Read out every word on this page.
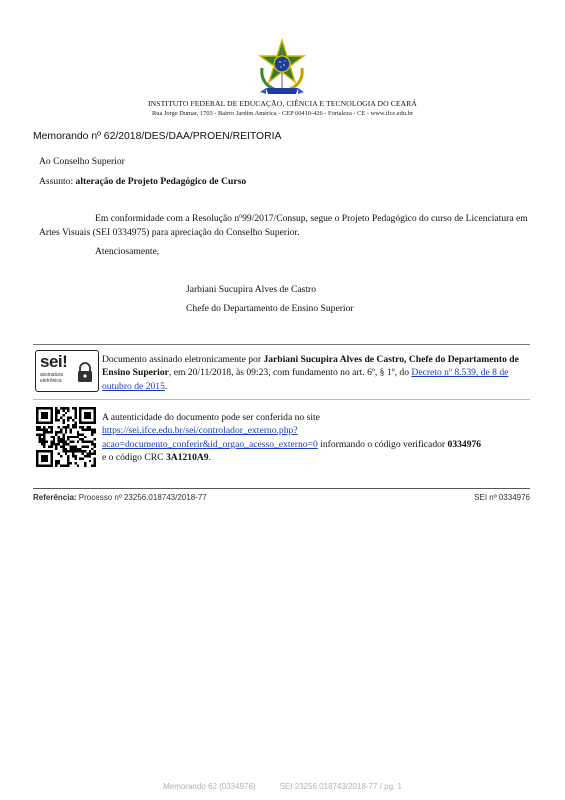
INSTITUTO FEDERAL DE EDUCAÇÃO, CIÊNCIA E TECNOLOGIA DO CEARÁ
Rua Jorge Dumar, 1703 - Bairro Jardim América - CEP 60410-426 - Fortaleza - CE - www.ifce.edu.br
Memorando nº 62/2018/DES/DAA/PROEN/REITORIA
Ao Conselho Superior
Assunto: alteração de Projeto Pedagógico de Curso
Em conformidade com a Resolução nº99/2017/Consup, segue o Projeto Pedagógico do curso de Licenciatura em Artes Visuais (SEI 0334975) para apreciação do Conselho Superior.
Atenciosamente,
Jarbiani Sucupira Alves de Castro
Chefe do Departamento de Ensino Superior
sei!
assinatura
eletrônica
Documento assinado eletronicamente por Jarbiani Sucupira Alves de Castro, Chefe do Departamento de Ensino Superior, em 20/11/2018, às 09:23, com fundamento no art. 6º, § 1º, do Decreto nº 8.539, de 8 de outubro de 2015.
A autenticidade do documento pode ser conferida no site
https://sei.ifce.edu.br/sei/controlador_externo.php?
acao=documento_conferir&id_orgao_acesso_externo=0 informando o código verificador 0334976
e o código CRC 3A1210A9.
Referência: Processo nº 23256.018743/2018-77	SEI nº 0334976
Memorando 62 (0334976)	SEI 23256.018743/2018-77 / pg. 1
